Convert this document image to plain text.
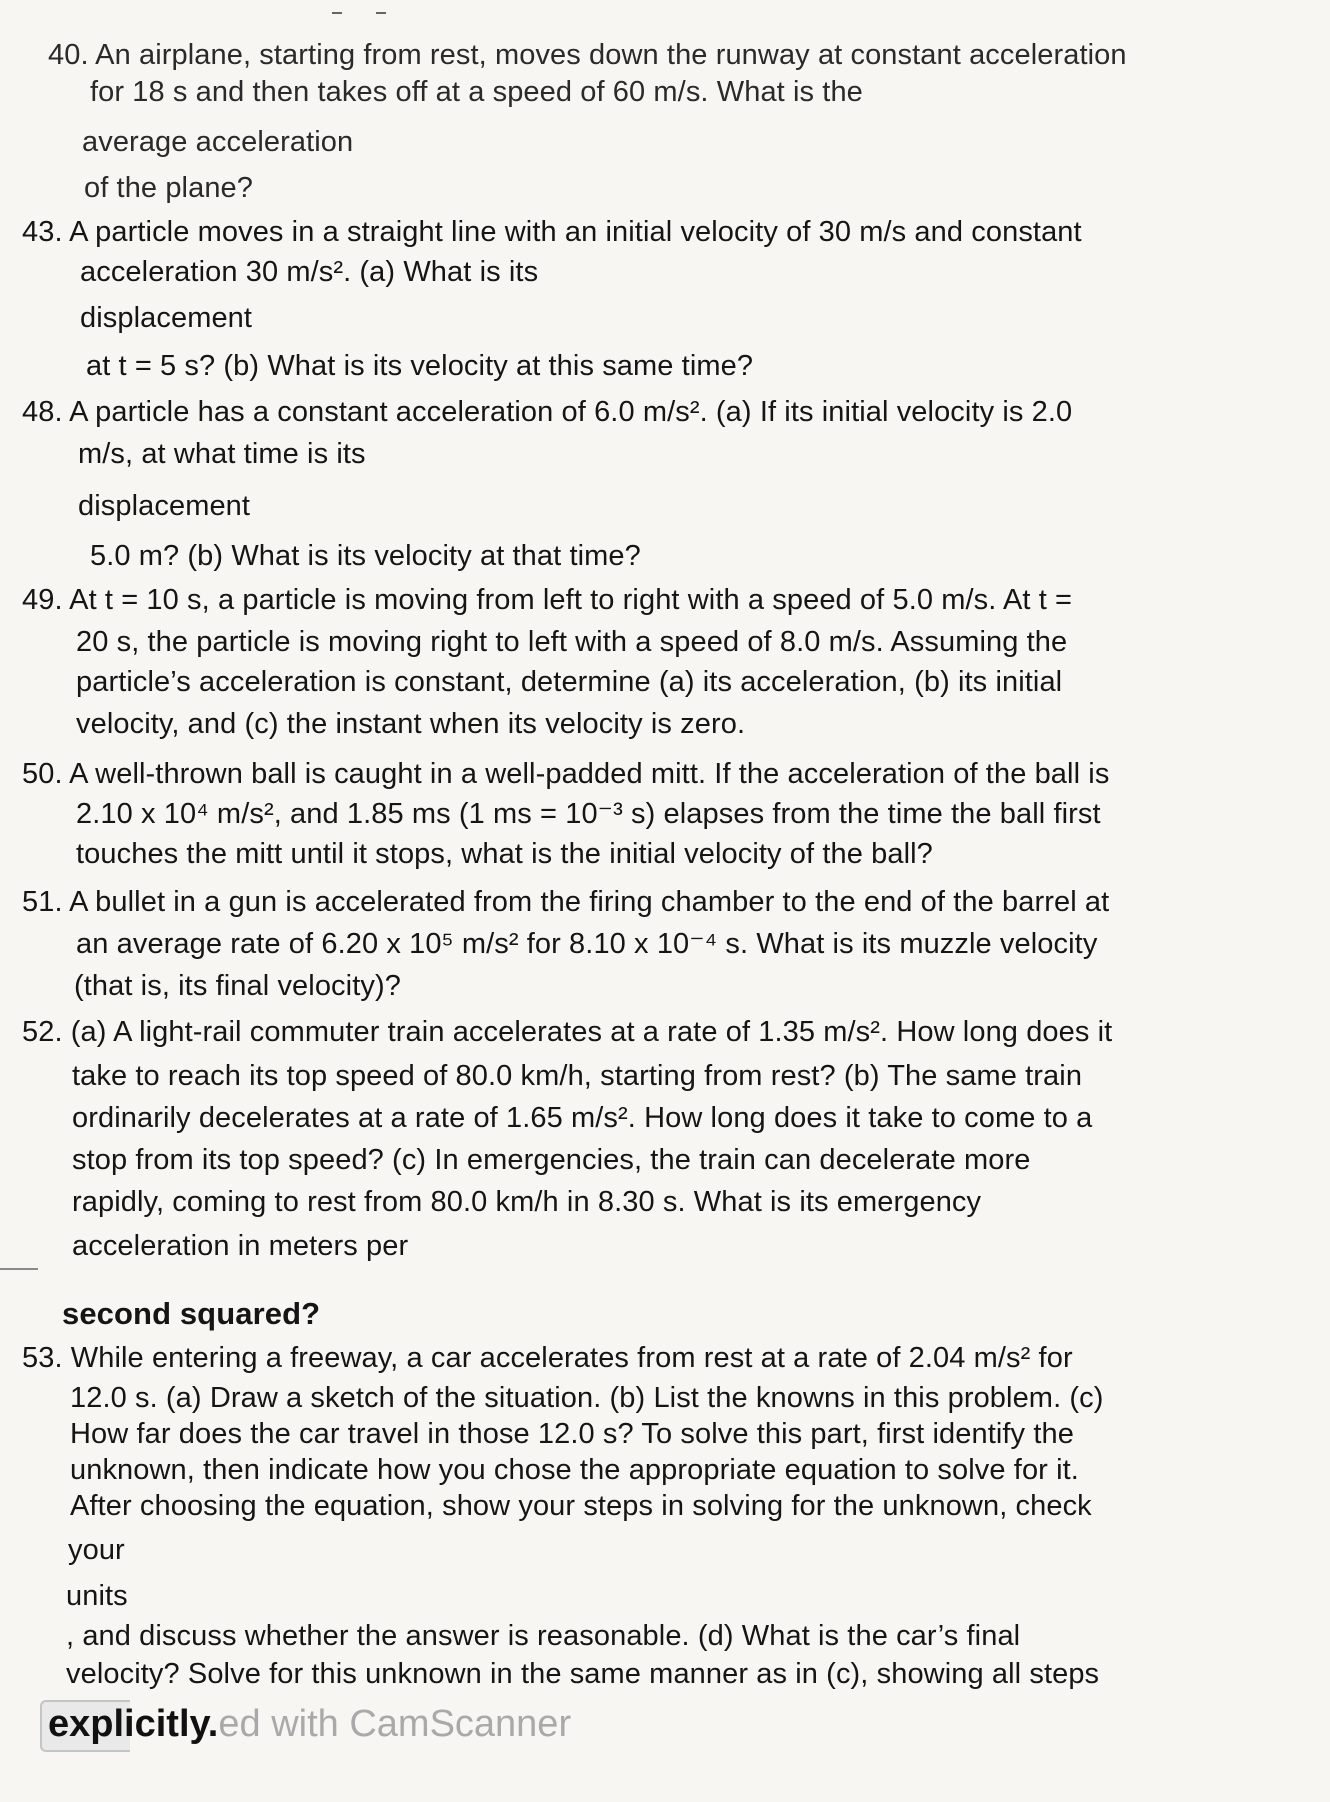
40. An airplane, starting from rest, moves down the runway at constant acceleration
for 18 s and then takes off at a speed of 60 m/s. What is the
average acceleration
of the plane?
43. A particle moves in a straight line with an initial velocity of 30 m/s and constant
acceleration 30 m/s². (a) What is its
displacement
at t = 5 s? (b) What is its velocity at this same time?
48. A particle has a constant acceleration of 6.0 m/s². (a) If its initial velocity is 2.0
m/s, at what time is its
displacement
5.0 m? (b) What is its velocity at that time?
49. At t = 10 s, a particle is moving from left to right with a speed of 5.0 m/s. At t =
20 s, the particle is moving right to left with a speed of 8.0 m/s. Assuming the
particle’s acceleration is constant, determine (a) its acceleration, (b) its initial
velocity, and (c) the instant when its velocity is zero.
50. A well-thrown ball is caught in a well-padded mitt. If the acceleration of the ball is
2.10 x 10⁴ m/s², and 1.85 ms (1 ms = 10⁻³ s) elapses from the time the ball first
touches the mitt until it stops, what is the initial velocity of the ball?
51. A bullet in a gun is accelerated from the firing chamber to the end of the barrel at
an average rate of 6.20 x 10⁵ m/s² for 8.10 x 10⁻⁴ s. What is its muzzle velocity
(that is, its final velocity)?
52. (a) A light-rail commuter train accelerates at a rate of 1.35 m/s². How long does it
take to reach its top speed of 80.0 km/h, starting from rest? (b) The same train
ordinarily decelerates at a rate of 1.65 m/s². How long does it take to come to a
stop from its top speed? (c) In emergencies, the train can decelerate more
rapidly, coming to rest from 80.0 km/h in 8.30 s. What is its emergency
acceleration in meters per
second squared?
53. While entering a freeway, a car accelerates from rest at a rate of 2.04 m/s² for
12.0 s. (a) Draw a sketch of the situation. (b) List the knowns in this problem. (c)
How far does the car travel in those 12.0 s? To solve this part, first identify the
unknown, then indicate how you chose the appropriate equation to solve for it.
After choosing the equation, show your steps in solving for the unknown, check
your
units
, and discuss whether the answer is reasonable. (d) What is the car’s final
velocity? Solve for this unknown in the same manner as in (c), showing all steps
explicitly.ed with CamScanner
